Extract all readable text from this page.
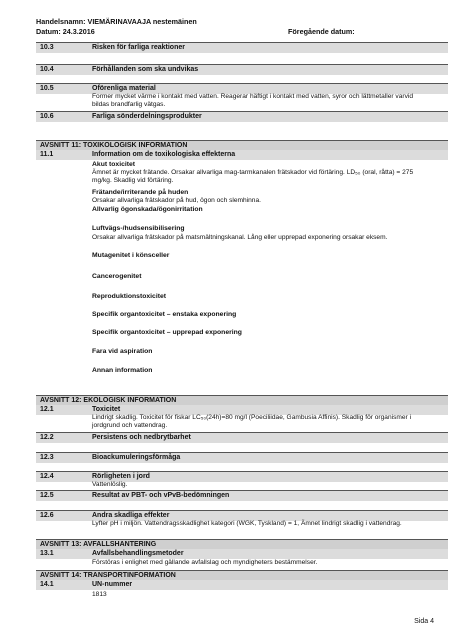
Handelsnamn: VIEMÄRINAVAAJA nestemäinen
Datum: 24.3.2016	Föregående datum:
10.3	Risken för farliga reaktioner
10.4	Förhållanden som ska undvikas
10.5	Oförenliga material
Former mycket värme i kontakt med vatten. Reagerar häftigt i kontakt med vatten, syror och lättmetaller varvid bildas brandfarlig vätgas.
10.6	Farliga sönderdelningsprodukter
AVSNITT 11: TOXIKOLOGISK INFORMATION
11.1	Information om de toxikologiska effekterna
Akut toxicitet
Ämnet är mycket frätande. Orsakar allvarliga mag-tarmkanalen frätskador vid förtäring. LD₅₀ (oral, råtta) = 275 mg/kg. Skadlig vid förtäring.
Frätande/irriterande på huden
Orsakar allvarliga frätskador på hud, ögon och slemhinna.
Allvarlig ögonskada/ögonirritation
Luftvägs-/hudsensibilisering
Orsakar allvarliga frätskador på matsmältningskanal. Lång eller upprepad exponering orsakar eksem.
Mutagenitet i könsceller
Cancerogenitet
Reproduktionstoxicitet
Specifik organtoxicitet – enstaka exponering
Specifik organtoxicitet – upprepad exponering
Fara vid aspiration
Annan information
AVSNITT 12: EKOLOGISK INFORMATION
12.1	Toxicitet
Lindrigt skadlig. Toxicitet för fiskar LC₅₀(24h)=80 mg/l (Poeciliidae, Gambusia Affinis). Skadlig för organismer i jordgrund och vattendrag.
12.2	Persistens och nedbrytbarhet
12.3	Bioackumuleringsförmåga
12.4	Rörligheten i jord
Vattenlöslig.
12.5	Resultat av PBT- och vPvB-bedömningen
12.6	Andra skadliga effekter
Lyfter pH i miljön. Vattendragsskadlighet kategori (WGK, Tyskland) = 1, Ämnet lindrigt skadlig i vattendrag.
AVSNITT 13: AVFALLSHANTERING
13.1	Avfallsbehandlingsmetoder
Förstöras i enlighet med gällande avfallslag och myndigheters bestämmelser.
AVSNITT 14: TRANSPORTINFORMATION
14.1	UN-nummer
1813
Sida 4
